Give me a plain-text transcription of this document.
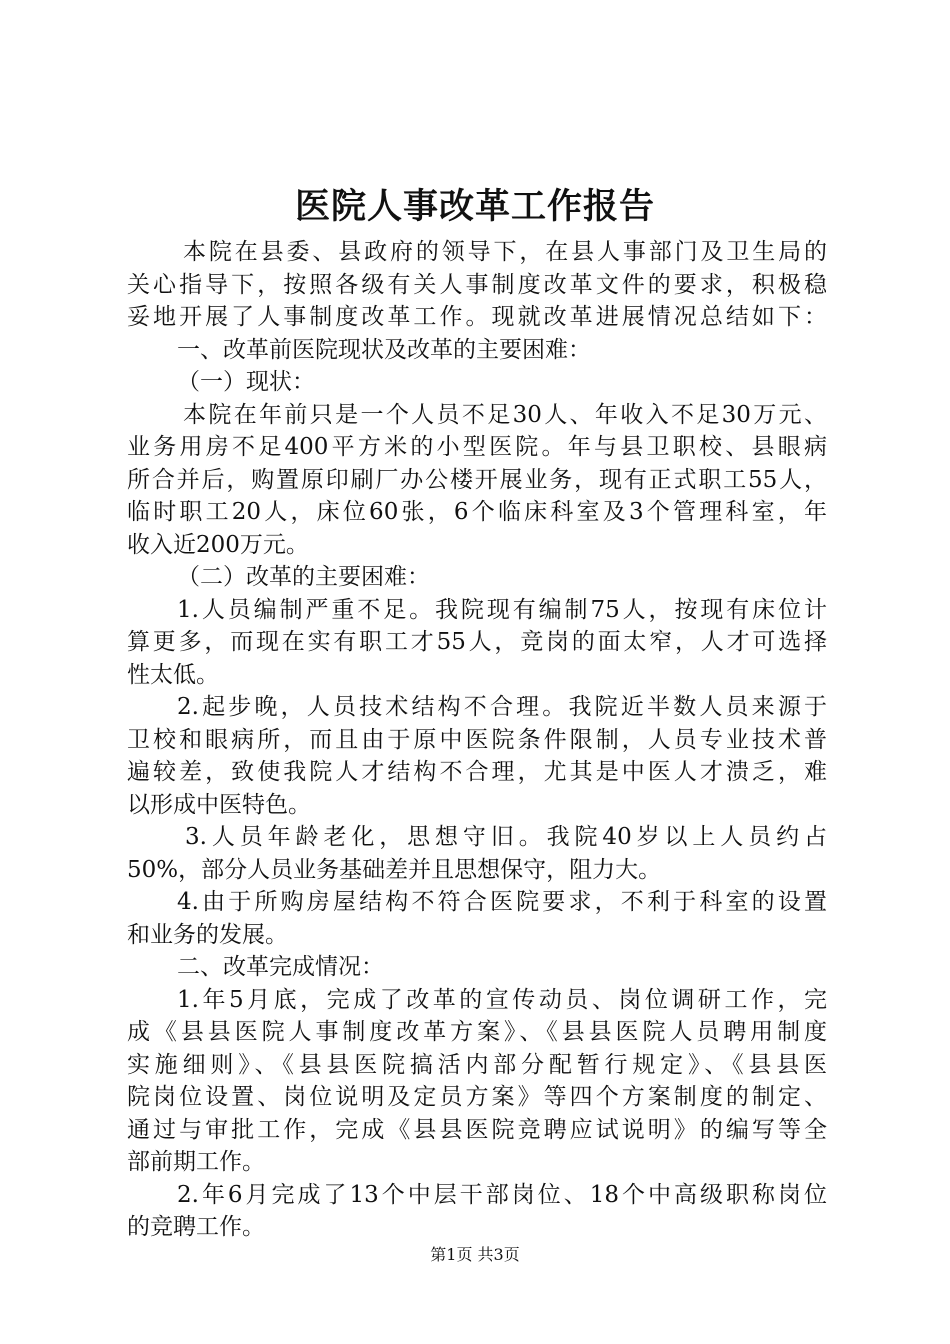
医院人事改革工作报告
本院在县委、县政府的领导下，在县人事部门及卫生局的
关心指导下，按照各级有关人事制度改革文件的要求，积极稳
妥地开展了人事制度改革工作。现就改革进展情况总结如下：
一、改革前医院现状及改革的主要困难：
（一）现状：
本院在年前只是一个人员不足30人、年收入不足30万元、
业务用房不足400平方米的小型医院。年与县卫职校、县眼病
所合并后，购置原印刷厂办公楼开展业务，现有正式职工55人，
临时职工20人，床位60张，6个临床科室及3个管理科室，年
收入近200万元。
（二）改革的主要困难：
1.人员编制严重不足。我院现有编制75人，按现有床位计
算更多，而现在实有职工才55人，竞岗的面太窄，人才可选择
性太低。
2.起步晚，人员技术结构不合理。我院近半数人员来源于
卫校和眼病所，而且由于原中医院条件限制，人员专业技术普
遍较差，致使我院人才结构不合理，尤其是中医人才溃乏，难
以形成中医特色。
3.人员年龄老化，思想守旧。我院40岁以上人员约占
50%，部分人员业务基础差并且思想保守，阻力大。
4.由于所购房屋结构不符合医院要求，不利于科室的设置
和业务的发展。
二、改革完成情况：
1.年5月底，完成了改革的宣传动员、岗位调研工作，完
成《县县医院人事制度改革方案》、《县县医院人员聘用制度
实施细则》、《县县医院搞活内部分配暂行规定》、《县县医
院岗位设置、岗位说明及定员方案》等四个方案制度的制定、
通过与审批工作，完成《县县医院竞聘应试说明》的编写等全
部前期工作。
2.年6月完成了13个中层干部岗位、18个中高级职称岗位
的竞聘工作。
第1页 共3页
